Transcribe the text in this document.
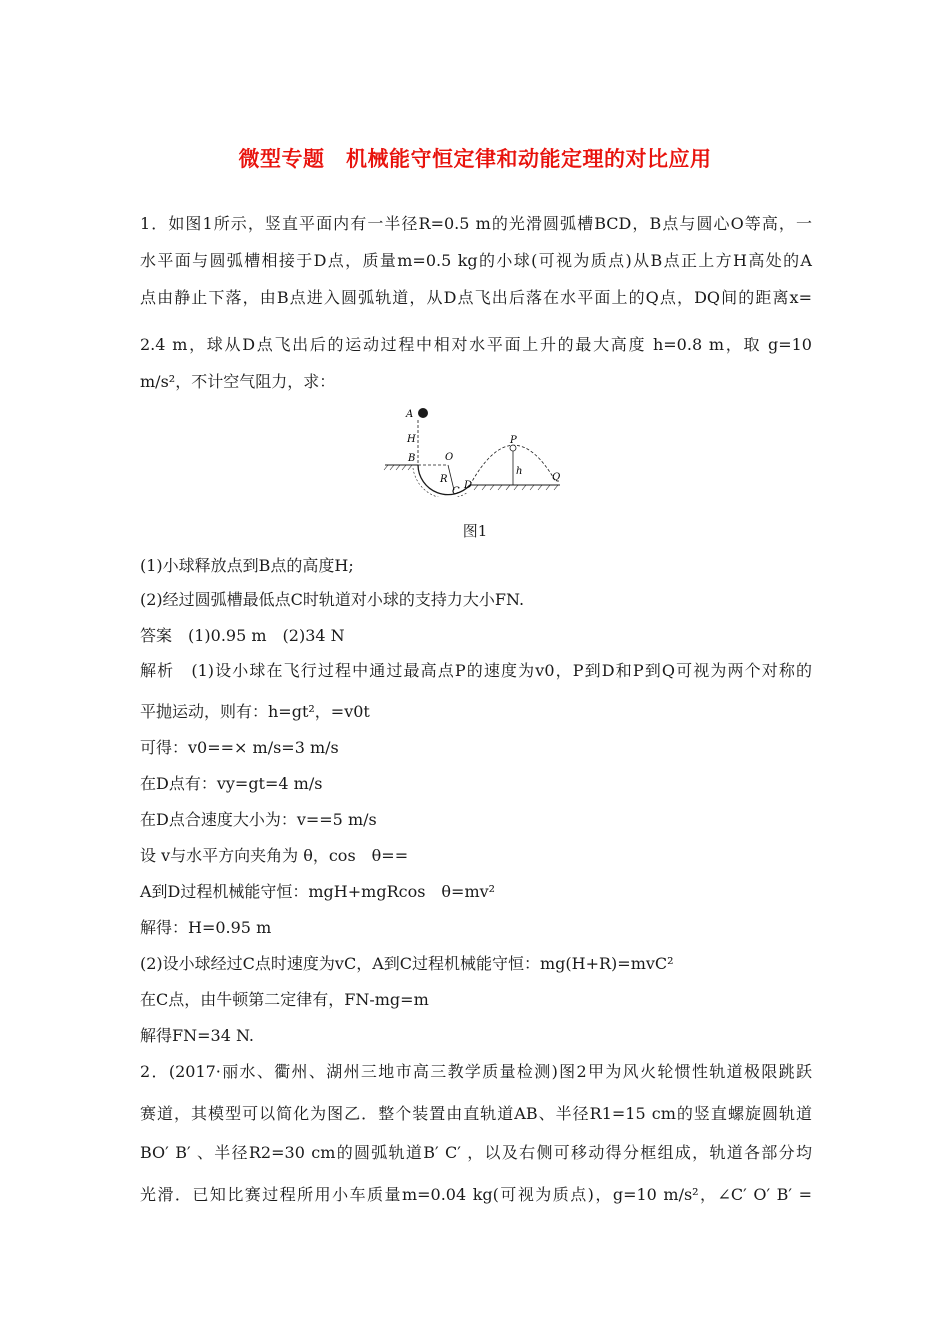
微型专题　机械能守恒定律和动能定理的对比应用
1．如图1所示，竖直平面内有一半径R=0.5 m的光滑圆弧槽BCD，B点与圆心O等高，一
水平面与圆弧槽相接于D点，质量m=0.5 kg的小球(可视为质点)从B点正上方H高处的A
点由静止下落，由B点进入圆弧轨道，从D点飞出后落在水平面上的Q点，DQ间的距离x=
2.4 m，球从D点飞出后的运动过程中相对水平面上升的最大高度 h=0.8 m，取 g=10
m/s²，不计空气阻力，求：
A
H
B	O
R
C
D
P
h
Q
图1
(1)小球释放点到B点的高度H;
(2)经过圆弧槽最低点C时轨道对小球的支持力大小FN.
答案　(1)0.95 m　(2)34 N
解析　(1)设小球在飞行过程中通过最高点P的速度为v0，P到D和P到Q可视为两个对称的
平抛运动，则有：h=gt²，=v0t
可得：v0==× m/s=3 m/s
在D点有：vy=gt=4 m/s
在D点合速度大小为：v==5 m/s
设 v与水平方向夹角为 θ，cos　θ==
A到D过程机械能守恒：mgH+mgRcos　θ=mv²
解得：H=0.95 m
(2)设小球经过C点时速度为vC，A到C过程机械能守恒：mg(H+R)=mvC²
在C点，由牛顿第二定律有，FN-mg=m
解得FN=34 N.
2．(2017·丽水、衢州、湖州三地市高三教学质量检测)图2甲为风火轮惯性轨道极限跳跃
赛道，其模型可以简化为图乙．整个装置由直轨道AB、半径R1=15 cm的竖直螺旋圆轨道
BO′ B′ 、半径R2=30 cm的圆弧轨道B′ C′ ，以及右侧可移动得分框组成，轨道各部分均
光滑．已知比赛过程所用小车质量m=0.04 kg(可视为质点)，g=10 m/s²，∠C′ O′ B′ =
